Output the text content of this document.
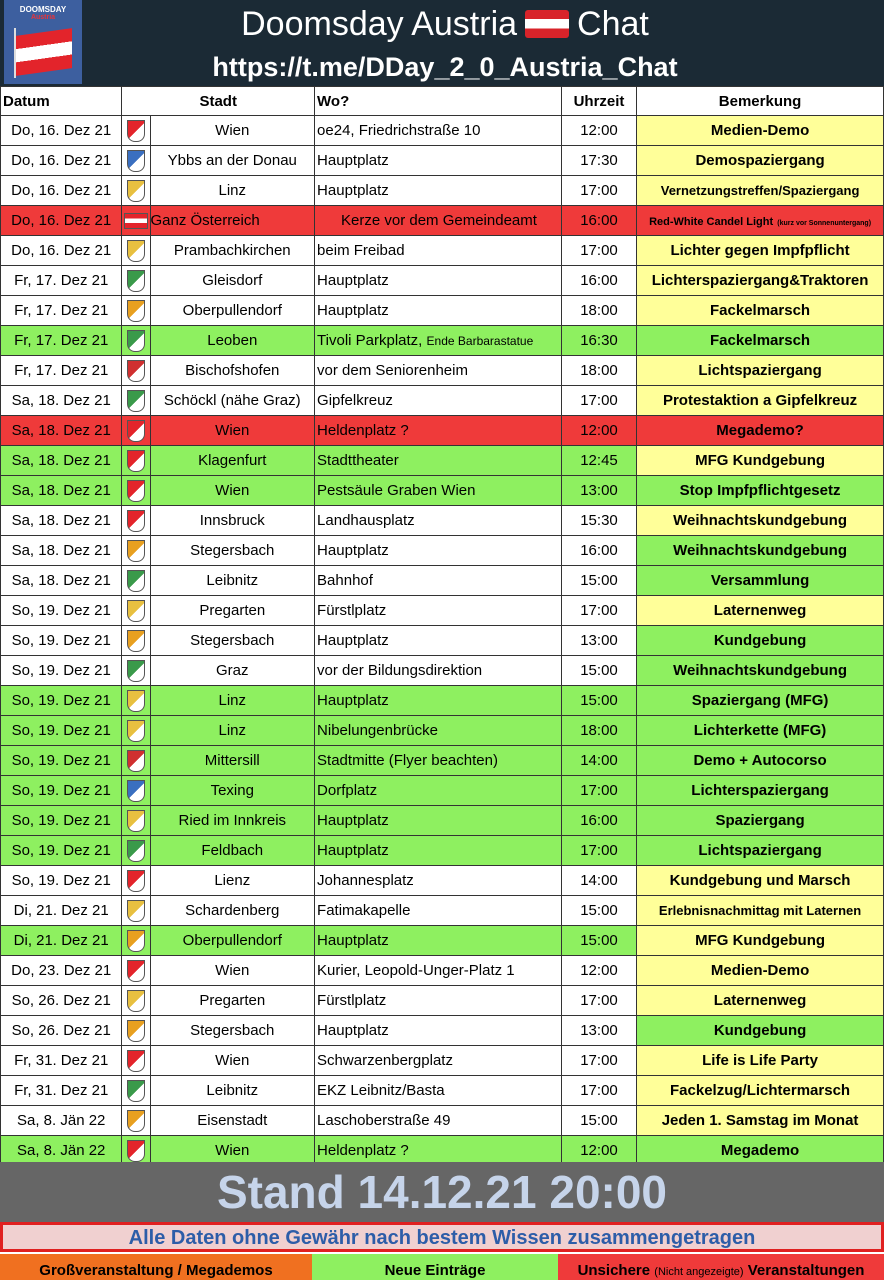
DOOMSDAY
Austria	Doomsday Austria Chat
https://t.me/DDay_2_0_Austria_Chat
Datum	Stadt		Wo?	Uhrzeit	Bemerkung
Do, 16. Dez 21		Wien	oe24, Friedrichstraße 10	12:00	Medien-Demo
Do, 16. Dez 21		Ybbs an der Donau	Hauptplatz	17:30	Demospaziergang
Do, 16. Dez 21		Linz	Hauptplatz	17:00	Vernetzungstreffen/Spaziergang
Do, 16. Dez 21		Ganz Österreich	Kerze vor dem Gemeindeamt	16:00	Red-White Candel Light (kurz vor Sonnenuntergang)
Do, 16. Dez 21		Prambachkirchen	beim Freibad	17:00	Lichter gegen Impfpflicht
Fr, 17. Dez 21		Gleisdorf	Hauptplatz	16:00	Lichterspaziergang&Traktoren
Fr, 17. Dez 21		Oberpullendorf	Hauptplatz	18:00	Fackelmarsch
Fr, 17. Dez 21		Leoben	Tivoli Parkplatz, Ende Barbarastatue	16:30	Fackelmarsch
Fr, 17. Dez 21		Bischofshofen	vor dem Seniorenheim	18:00	Lichtspaziergang
Sa, 18. Dez 21		Schöckl (nähe Graz)	Gipfelkreuz	17:00	Protestaktion a Gipfelkreuz
Sa, 18. Dez 21		Wien	Heldenplatz ?	12:00	Megademo?
Sa, 18. Dez 21		Klagenfurt	Stadttheater	12:45	MFG Kundgebung
Sa, 18. Dez 21		Wien	Pestsäule Graben Wien	13:00	Stop Impfpflichtgesetz
Sa, 18. Dez 21		Innsbruck	Landhausplatz	15:30	Weihnachtskundgebung
Sa, 18. Dez 21		Stegersbach	Hauptplatz	16:00	Weihnachtskundgebung
Sa, 18. Dez 21		Leibnitz	Bahnhof	15:00	Versammlung
So, 19. Dez 21		Pregarten	Fürstlplatz	17:00	Laternenweg
So, 19. Dez 21		Stegersbach	Hauptplatz	13:00	Kundgebung
So, 19. Dez 21		Graz	vor der Bildungsdirektion	15:00	Weihnachtskundgebung
So, 19. Dez 21		Linz	Hauptplatz	15:00	Spaziergang (MFG)
So, 19. Dez 21		Linz	Nibelungenbrücke	18:00	Lichterkette (MFG)
So, 19. Dez 21		Mittersill	Stadtmitte (Flyer beachten)	14:00	Demo + Autocorso
So, 19. Dez 21		Texing	Dorfplatz	17:00	Lichterspaziergang
So, 19. Dez 21		Ried im Innkreis	Hauptplatz	16:00	Spaziergang
So, 19. Dez 21		Feldbach	Hauptplatz	17:00	Lichtspaziergang
So, 19. Dez 21		Lienz	Johannesplatz	14:00	Kundgebung und Marsch
Di, 21. Dez 21		Schardenberg	Fatimakapelle	15:00	Erlebnisnachmittag mit Laternen
Di, 21. Dez 21		Oberpullendorf	Hauptplatz	15:00	MFG Kundgebung
Do, 23. Dez 21		Wien	Kurier, Leopold-Unger-Platz 1	12:00	Medien-Demo
So, 26. Dez 21		Pregarten	Fürstlplatz	17:00	Laternenweg
So, 26. Dez 21		Stegersbach	Hauptplatz	13:00	Kundgebung
Fr, 31. Dez 21		Wien	Schwarzenbergplatz	17:00	Life is Life Party
Fr, 31. Dez 21		Leibnitz	EKZ Leibnitz/Basta	17:00	Fackelzug/Lichtermarsch
Sa, 8. Jän 22		Eisenstadt	Laschoberstraße 49	15:00	Jeden 1. Samstag im Monat
Sa, 8. Jän 22		Wien	Heldenplatz ?	12:00	Megademo
Stand 14.12.21 20:00
Alle Daten ohne Gewähr nach bestem Wissen zusammengetragen
Großveranstaltung / Megademos	Neue Einträge	Unsichere (Nicht angezeigte) Veranstaltungen
